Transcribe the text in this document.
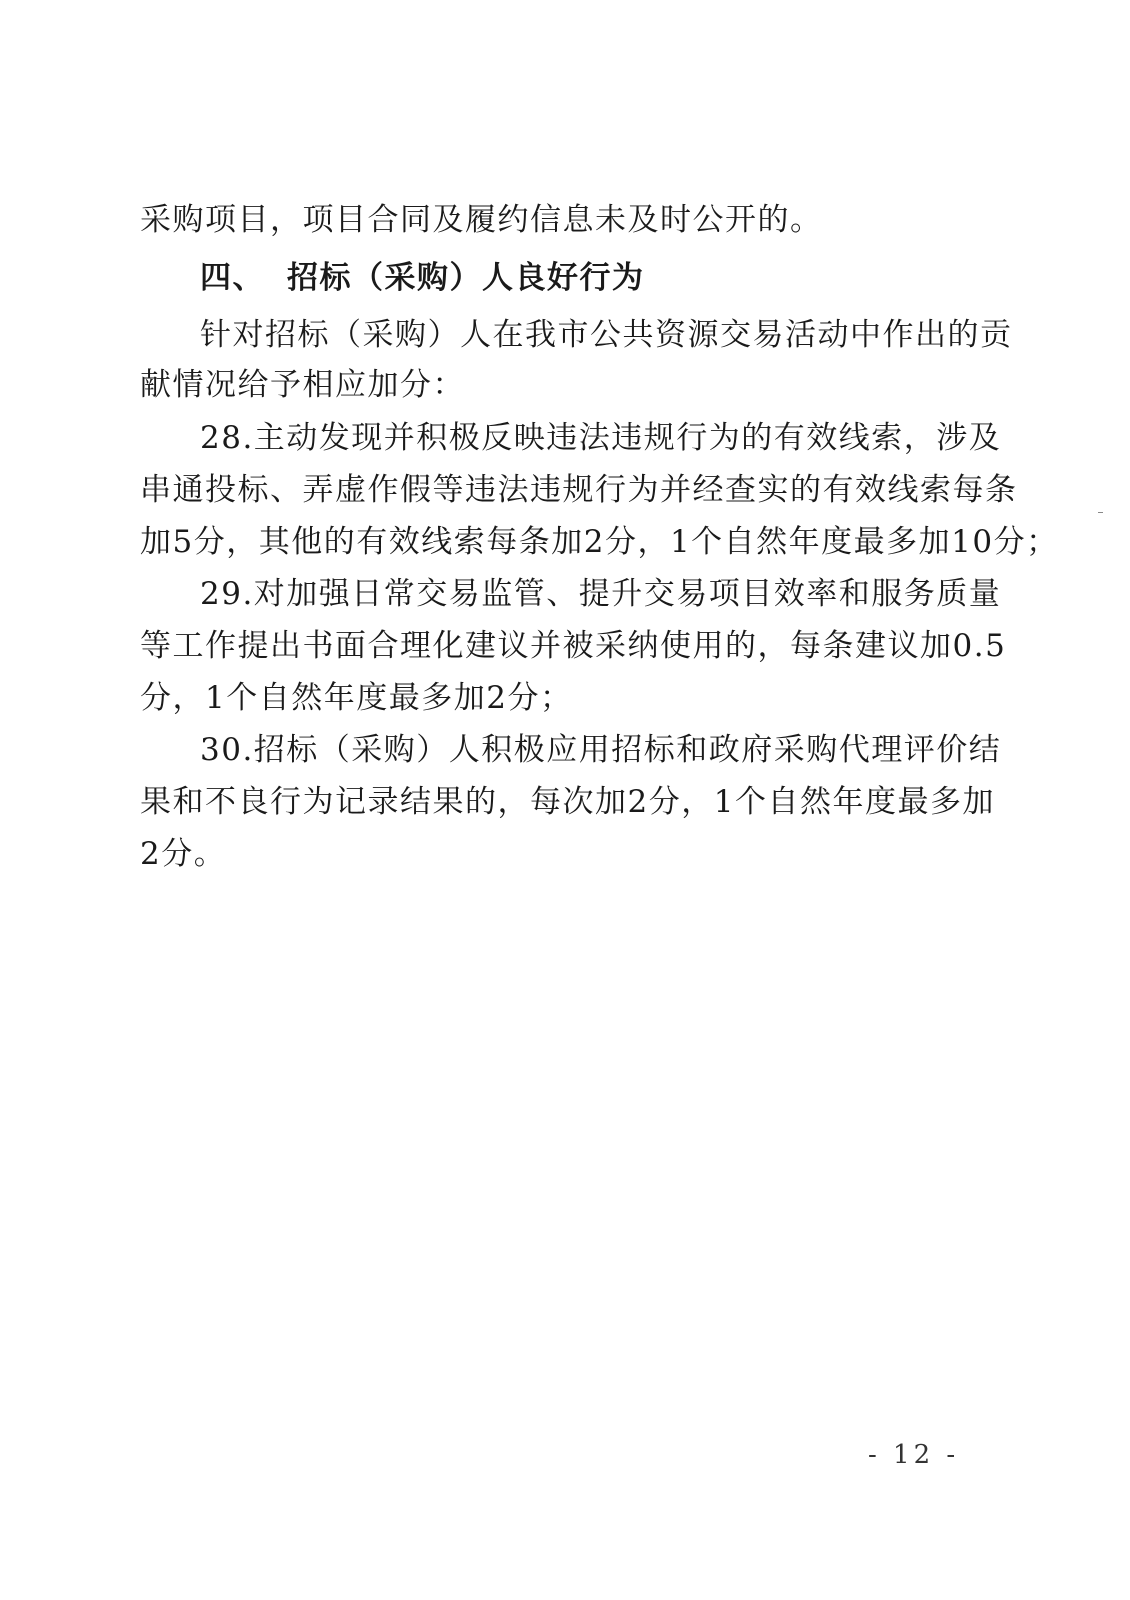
采购项目，项目合同及履约信息未及时公开的。
四、 招标（采购）人良好行为
针对招标（采购）人在我市公共资源交易活动中作出的贡
献情况给予相应加分：
28.主动发现并积极反映违法违规行为的有效线索，涉及
串通投标、弄虚作假等违法违规行为并经查实的有效线索每条
加5分，其他的有效线索每条加2分，1个自然年度最多加10分；
29.对加强日常交易监管、提升交易项目效率和服务质量
等工作提出书面合理化建议并被采纳使用的，每条建议加0.5
分，1个自然年度最多加2分；
30.招标（采购）人积极应用招标和政府采购代理评价结
果和不良行为记录结果的，每次加2分，1个自然年度最多加
2分。
- 12 -
